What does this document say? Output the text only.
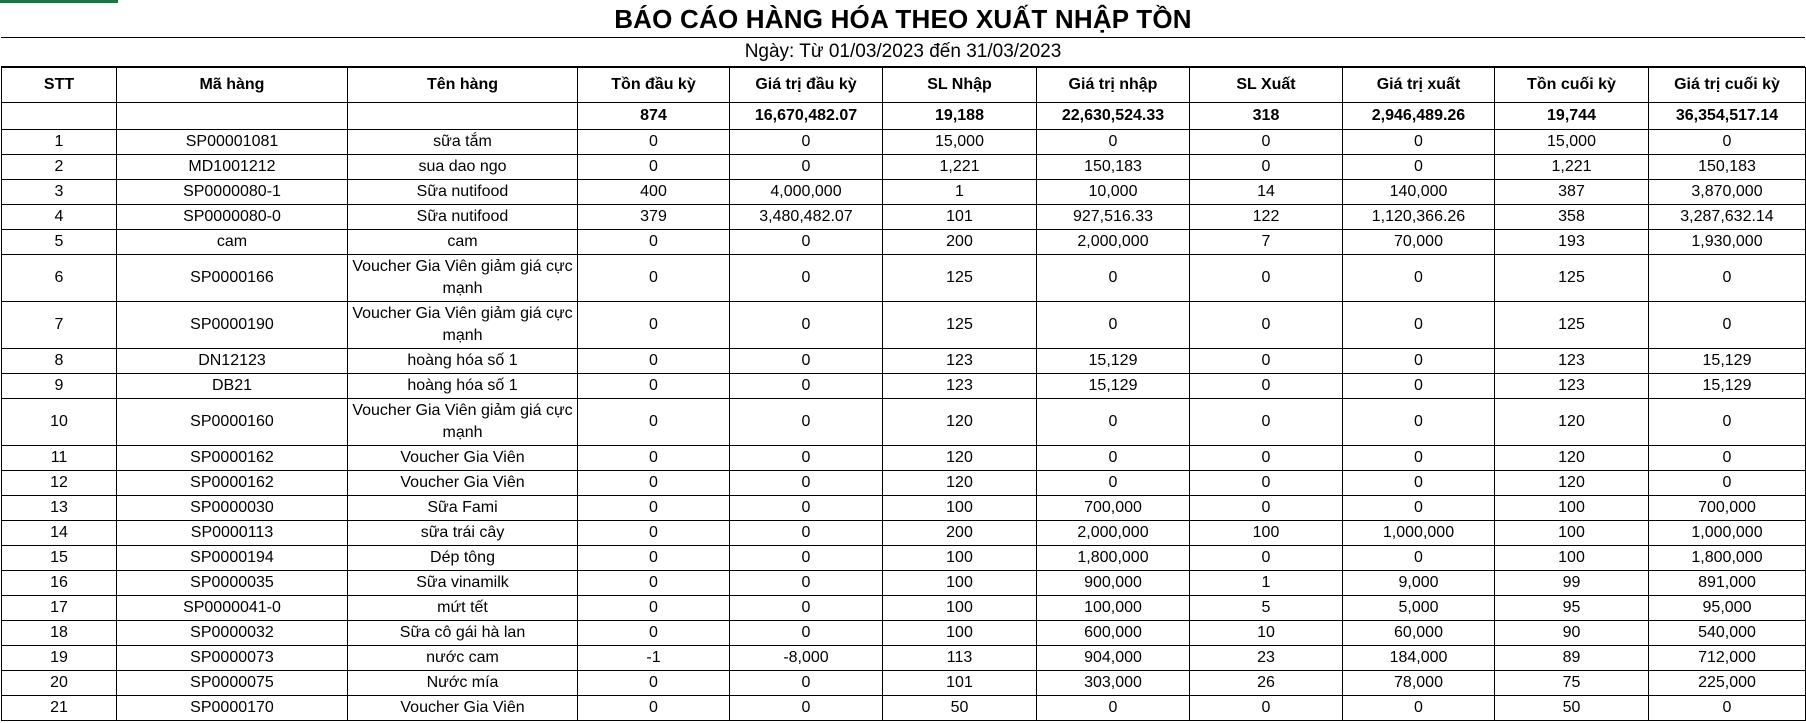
BÁO CÁO HÀNG HÓA THEO XUẤT NHẬP TỒN
Ngày: Từ 01/03/2023 đến 31/03/2023
STT	Mã hàng	Tên hàng	Tồn đầu kỳ	Giá trị đầu kỳ	SL Nhập	Giá trị nhập	SL Xuất	Giá trị xuất	Tồn cuối kỳ	Giá trị cuối kỳ
			874	16,670,482.07	19,188	22,630,524.33	318	2,946,489.26	19,744	36,354,517.14
1	SP00001081	sữa tắm	0	0	15,000	0	0	0	15,000	0
2	MD1001212	sua dao ngo	0	0	1,221	150,183	0	0	1,221	150,183
3	SP0000080-1	Sữa nutifood	400	4,000,000	1	10,000	14	140,000	387	3,870,000
4	SP0000080-0	Sữa nutifood	379	3,480,482.07	101	927,516.33	122	1,120,366.26	358	3,287,632.14
5	cam	cam	0	0	200	2,000,000	7	70,000	193	1,930,000
6	SP0000166	Voucher Gia Viên giảm giá cực mạnh	0	0	125	0	0	0	125	0
7	SP0000190	Voucher Gia Viên giảm giá cực mạnh	0	0	125	0	0	0	125	0
8	DN12123	hoàng hóa số 1	0	0	123	15,129	0	0	123	15,129
9	DB21	hoàng hóa số 1	0	0	123	15,129	0	0	123	15,129
10	SP0000160	Voucher Gia Viên giảm giá cực mạnh	0	0	120	0	0	0	120	0
11	SP0000162	Voucher Gia Viên	0	0	120	0	0	0	120	0
12	SP0000162	Voucher Gia Viên	0	0	120	0	0	0	120	0
13	SP0000030	Sữa Fami	0	0	100	700,000	0	0	100	700,000
14	SP0000113	sữa trái cây	0	0	200	2,000,000	100	1,000,000	100	1,000,000
15	SP0000194	Dép tông	0	0	100	1,800,000	0	0	100	1,800,000
16	SP0000035	Sữa vinamilk	0	0	100	900,000	1	9,000	99	891,000
17	SP0000041-0	mứt tết	0	0	100	100,000	5	5,000	95	95,000
18	SP0000032	Sữa cô gái hà lan	0	0	100	600,000	10	60,000	90	540,000
19	SP0000073	nước cam	-1	-8,000	113	904,000	23	184,000	89	712,000
20	SP0000075	Nước mía	0	0	101	303,000	26	78,000	75	225,000
21	SP0000170	Voucher Gia Viên	0	0	50	0	0	0	50	0
